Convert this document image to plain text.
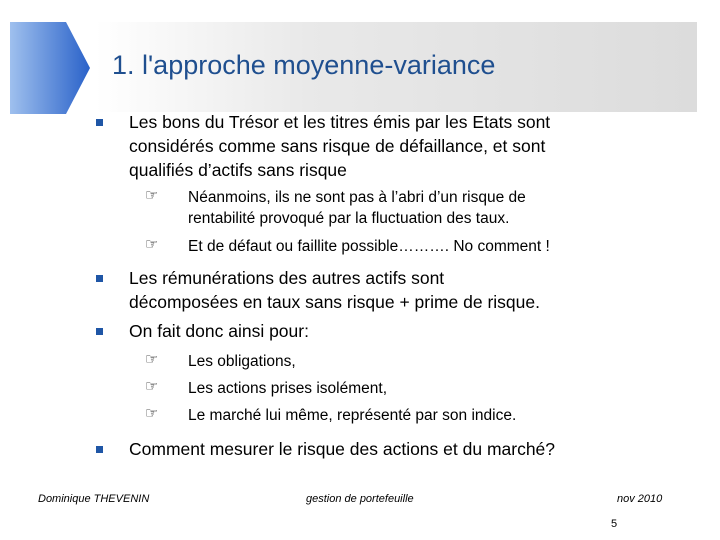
1. l'approche moyenne-variance

Les bons du Trésor et les titres émis par les Etats sont

considérés comme sans risque de défaillance, et sont

qualifiés d’actifs sans risque

☞ Néanmoins, ils ne sont pas à l’abri d’un risque de

rentabilité provoqué par la fluctuation des taux.

☞ Et de défaut ou faillite possible………. No comment !

Les rémunérations des autres actifs sont

décomposées en taux sans risque + prime de risque.

On fait donc ainsi pour:

☞ Les obligations,

☞ Les actions prises isolément,

☞ Le marché lui même, représenté par son indice.

Comment mesurer le risque des actions et du marché?

Dominique THEVENIN	gestion de portefeuille	nov 2010
5
